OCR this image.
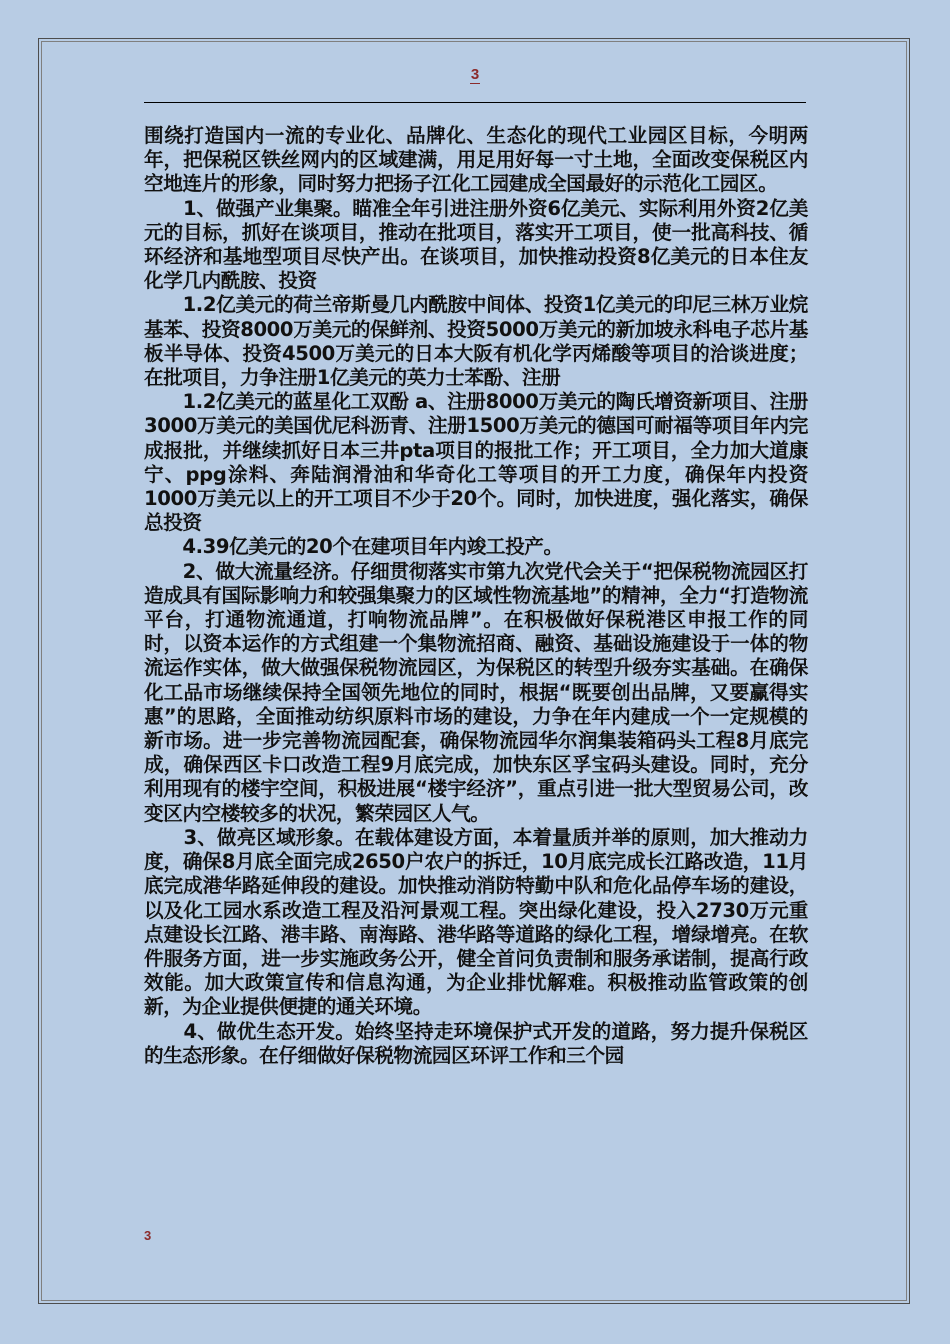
3

围绕打造国内一流的专业化、品牌化、生态化的现代工业园区目标，今明两年，把保税区铁丝网内的区域建满，用足用好每一寸土地，全面改变保税区内空地连片的形象，同时努力把扬子江化工园建成全国最好的示范化工园区。

　　1、做强产业集聚。瞄准全年引进注册外资6亿美元、实际利用外资2亿美元的目标，抓好在谈项目，推动在批项目，落实开工项目，使一批高科技、循环经济和基地型项目尽快产出。在谈项目，加快推动投资8亿美元的日本住友化学几内酰胺、投资

　　1.2亿美元的荷兰帝斯曼几内酰胺中间体、投资1亿美元的印尼三林万业烷基苯、投资8000万美元的保鲜剂、投资5000万美元的新加坡永科电子芯片基板半导体、投资4500万美元的日本大阪有机化学丙烯酸等项目的洽谈进度；在批项目，力争注册1亿美元的英力士苯酚、注册

　　1.2亿美元的蓝星化工双酚 a、注册8000万美元的陶氏增资新项目、注册3000万美元的美国优尼科沥青、注册1500万美元的德国可耐福等项目年内完成报批，并继续抓好日本三井pta项目的报批工作；开工项目，全力加大道康宁、ppg涂料、奔陆润滑油和华奇化工等项目的开工力度，确保年内投资1000万美元以上的开工项目不少于20个。同时，加快进度，强化落实，确保总投资

　　4.39亿美元的20个在建项目年内竣工投产。

　　2、做大流量经济。仔细贯彻落实市第九次党代会关于“把保税物流园区打造成具有国际影响力和较强集聚力的区域性物流基地”的精神，全力“打造物流平台，打通物流通道，打响物流品牌”。在积极做好保税港区申报工作的同时，以资本运作的方式组建一个集物流招商、融资、基础设施建设于一体的物流运作实体，做大做强保税物流园区，为保税区的转型升级夯实基础。在确保化工品市场继续保持全国领先地位的同时，根据“既要创出品牌，又要赢得实惠”的思路，全面推动纺织原料市场的建设，力争在年内建成一个一定规模的新市场。进一步完善物流园配套，确保物流园华尔润集装箱码头工程8月底完成，确保西区卡口改造工程9月底完成，加快东区孚宝码头建设。同时，充分利用现有的楼宇空间，积极进展“楼宇经济”，重点引进一批大型贸易公司，改变区内空楼较多的状况，繁荣园区人气。

　　3、做亮区域形象。在载体建设方面，本着量质并举的原则，加大推动力度，确保8月底全面完成2650户农户的拆迁，10月底完成长江路改造，11月底完成港华路延伸段的建设。加快推动消防特勤中队和危化品停车场的建设，以及化工园水系改造工程及沿河景观工程。突出绿化建设，投入2730万元重点建设长江路、港丰路、南海路、港华路等道路的绿化工程，增绿增亮。在软件服务方面，进一步实施政务公开，健全首问负责制和服务承诺制，提高行政效能。加大政策宣传和信息沟通，为企业排忧解难。积极推动监管政策的创新，为企业提供便捷的通关环境。

　　4、做优生态开发。始终坚持走环境保护式开发的道路，努力提升保税区的生态形象。在仔细做好保税物流园区环评工作和三个园

3
